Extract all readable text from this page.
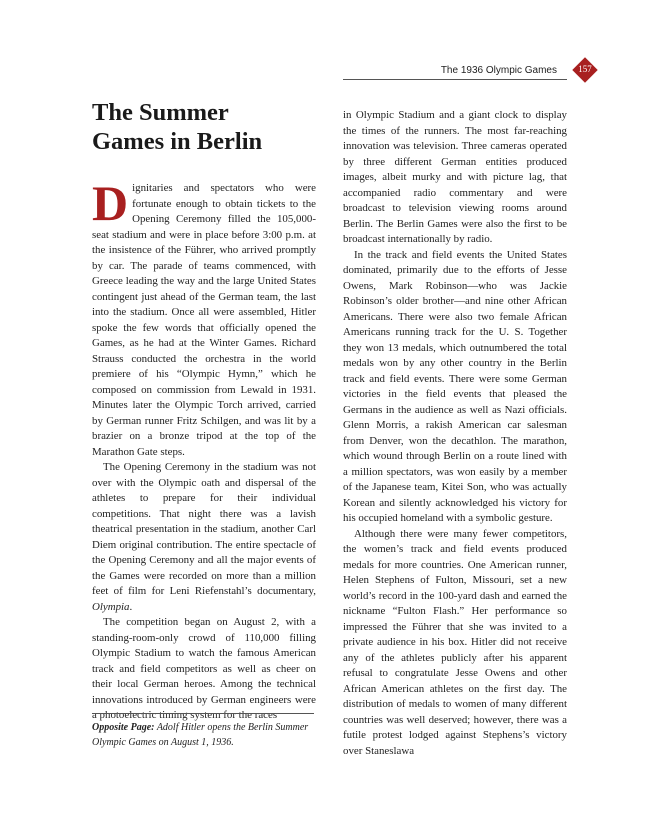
The 1936 Olympic Games	157
The Summer
Games in Berlin

Dignitaries and spectators who were fortunate enough to obtain tickets to the Opening Ceremony filled the 105,000-seat stadium and were in place before 3:00 p.m. at the insistence of the Führer, who arrived promptly by car. The parade of teams commenced, with Greece leading the way and the large United States contingent just ahead of the German team, the last into the stadium. Once all were assembled, Hitler spoke the few words that officially opened the Games, as he had at the Winter Games. Richard Strauss conducted the orchestra in the world premiere of his “Olympic Hymn,” which he composed on commission from Lewald in 1931. Minutes later the Olympic Torch arrived, carried by German runner Fritz Schilgen, and was lit by a brazier on a bronze tripod at the top of the Marathon Gate steps.

The Opening Ceremony in the stadium was not over with the Olympic oath and dispersal of the athletes to prepare for their individual competitions. That night there was a lavish theatrical presentation in the stadium, another Carl Diem original contribution. The entire spectacle of the Opening Ceremony and all the major events of the Games were recorded on more than a million feet of film for Leni Riefenstahl’s documentary, Olympia.

The competition began on August 2, with a standing-room-only crowd of 110,000 filling Olympic Stadium to watch the famous American track and field competitors as well as cheer on their local German heroes. Among the technical innovations introduced by German engineers were a photoelectric timing system for the races

in Olympic Stadium and a giant clock to display the times of the runners. The most far-reaching innovation was television. Three cameras operated by three different German entities produced images, albeit murky and with picture lag, that accompanied radio commentary and were broadcast to television viewing rooms around Berlin. The Berlin Games were also the first to be broadcast internationally by radio.

In the track and field events the United States dominated, primarily due to the efforts of Jesse Owens, Mark Robinson—who was Jackie Robinson’s older brother—and nine other African Americans. There were also two female African Americans running track for the U. S. Together they won 13 medals, which outnumbered the total medals won by any other country in the Berlin track and field events. There were some German victories in the field events that pleased the Germans in the audience as well as Nazi officials. Glenn Morris, a rakish American car salesman from Denver, won the decathlon. The marathon, which wound through Berlin on a route lined with a million spectators, was won easily by a member of the Japanese team, Kitei Son, who was actually Korean and silently acknowledged his victory for his occupied homeland with a symbolic gesture.

Although there were many fewer competitors, the women’s track and field events produced medals for more countries. One American runner, Helen Stephens of Fulton, Missouri, set a new world’s record in the 100-yard dash and earned the nickname “Fulton Flash.” Her performance so impressed the Führer that she was invited to a private audience in his box. Hitler did not receive any of the athletes publicly after his apparent refusal to congratulate Jesse Owens and other African American athletes on the first day. The distribution of medals to women of many different countries was well deserved; however, there was a futile protest lodged against Stephens’s victory over Staneslawa

Opposite Page: Adolf Hitler opens the Berlin Summer Olympic Games on August 1, 1936.
